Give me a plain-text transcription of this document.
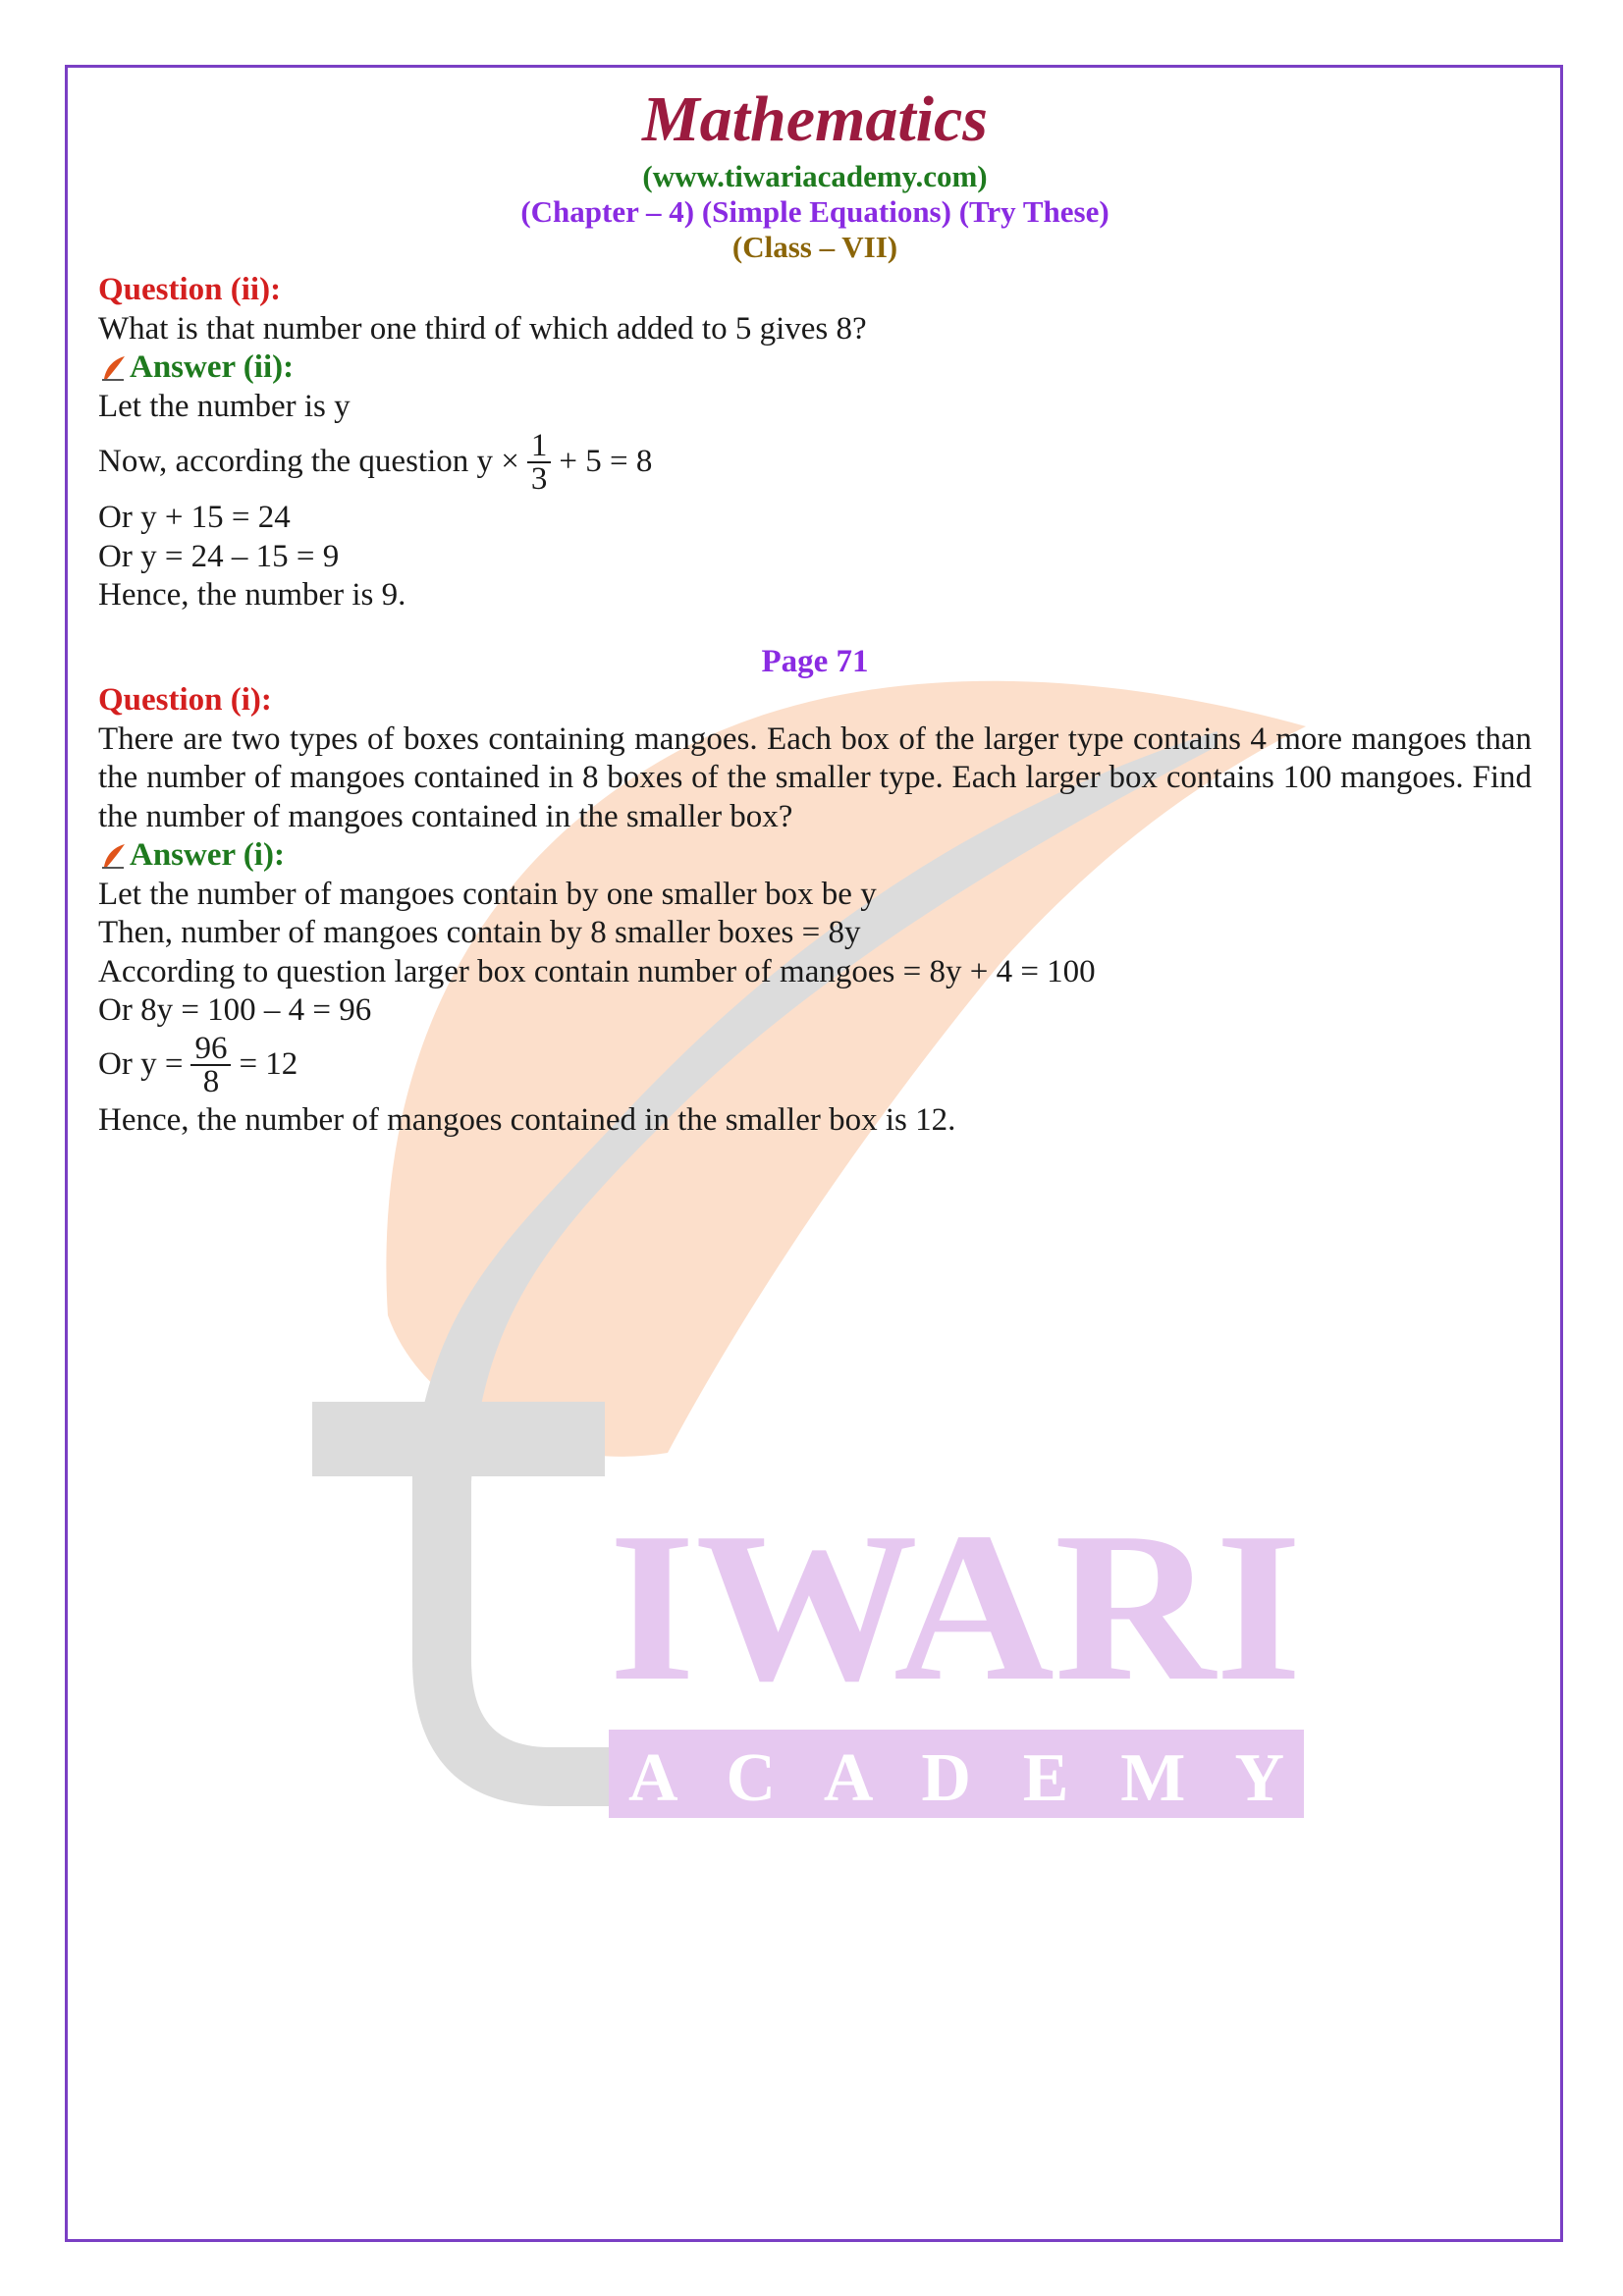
IWARI
A C A D E M Y
Mathematics
(www.tiwariacademy.com)
(Chapter – 4) (Simple Equations) (Try These)
(Class – VII)
Question (ii):
What is that number one third of which added to 5 gives 8?
Answer (ii):
Let the number is y
Now, according the question $y \times \frac{1}{3} + 5 = 8$
Or y + 15 = 24
Or y = 24 – 15 = 9
Hence, the number is 9.
Page 71
Question (i):
There are two types of boxes containing mangoes. Each box of the larger type contains 4 more mangoes than the number of mangoes contained in 8 boxes of the smaller type. Each larger box contains 100 mangoes. Find the number of mangoes contained in the smaller box?
Answer (i):
Let the number of mangoes contain by one smaller box be y
Then, number of mangoes contain by 8 smaller boxes = 8y
According to question larger box contain number of mangoes = 8y + 4 = 100
Or 8y = 100 – 4 = 96
Or $y = \frac{96}{8} = 12$
Hence, the number of mangoes contained in the smaller box is 12.
